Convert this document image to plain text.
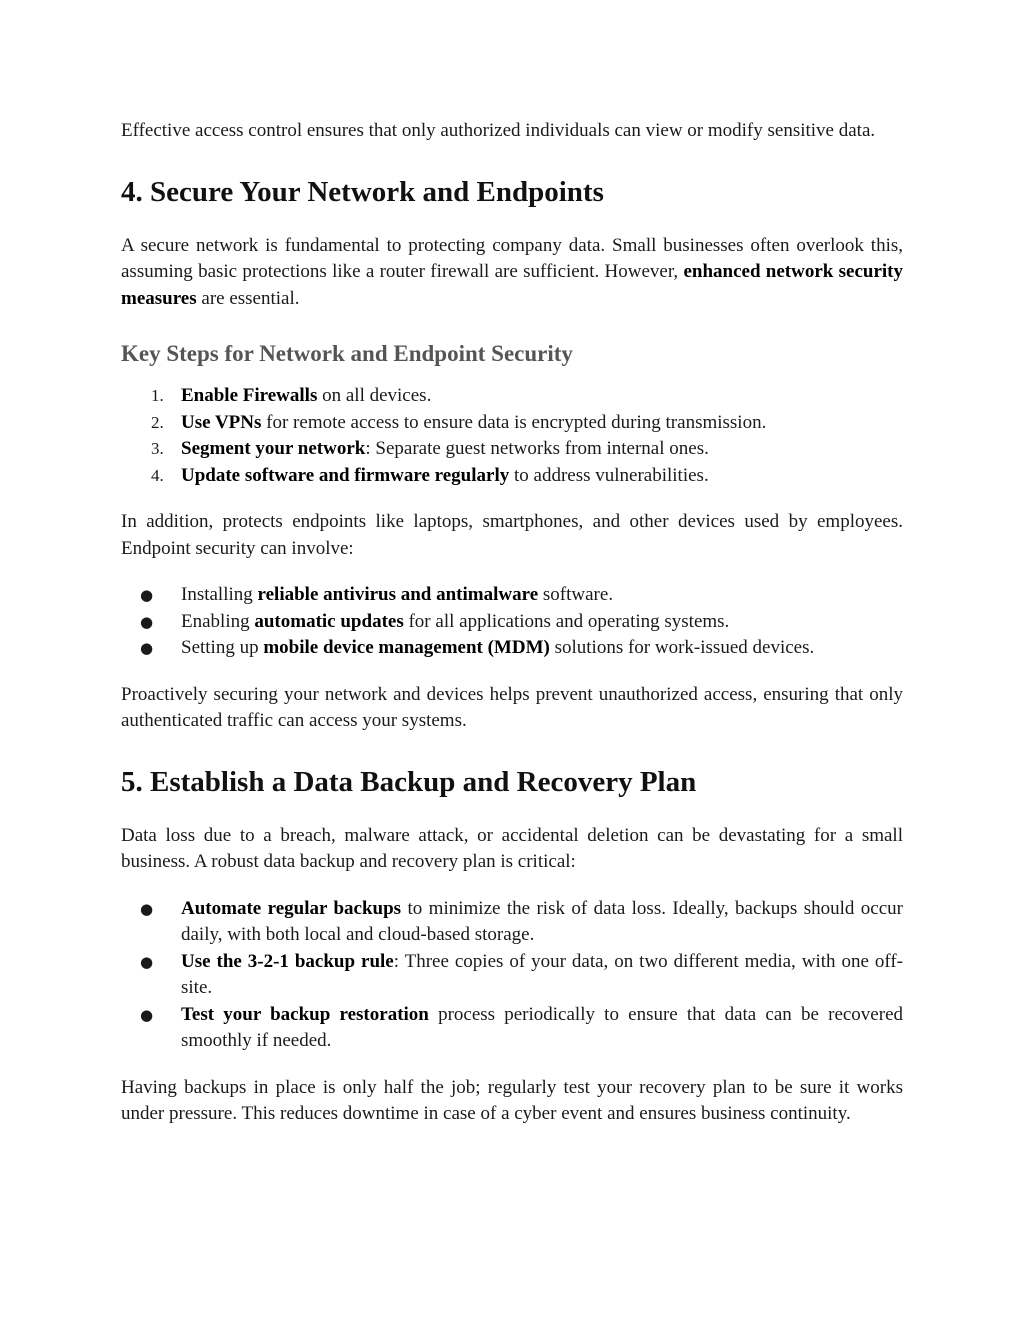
Effective access control ensures that only authorized individuals can view or modify sensitive data.

4. Secure Your Network and Endpoints

A secure network is fundamental to protecting company data. Small businesses often overlook this, assuming basic protections like a router firewall are sufficient. However, enhanced network security measures are essential.

Key Steps for Network and Endpoint Security
1. Enable Firewalls on all devices.
2. Use VPNs for remote access to ensure data is encrypted during transmission.
3. Segment your network: Separate guest networks from internal ones.
4. Update software and firmware regularly to address vulnerabilities.

In addition, protects endpoints like laptops, smartphones, and other devices used by employees. Endpoint security can involve:

● Installing reliable antivirus and antimalware software.
● Enabling automatic updates for all applications and operating systems.
● Setting up mobile device management (MDM) solutions for work-issued devices.

Proactively securing your network and devices helps prevent unauthorized access, ensuring that only authenticated traffic can access your systems.

5. Establish a Data Backup and Recovery Plan

Data loss due to a breach, malware attack, or accidental deletion can be devastating for a small business. A robust data backup and recovery plan is critical:

● Automate regular backups to minimize the risk of data loss. Ideally, backups should occur daily, with both local and cloud-based storage.
● Use the 3-2-1 backup rule: Three copies of your data, on two different media, with one off-site.
● Test your backup restoration process periodically to ensure that data can be recovered smoothly if needed.

Having backups in place is only half the job; regularly test your recovery plan to be sure it works under pressure. This reduces downtime in case of a cyber event and ensures business continuity.
